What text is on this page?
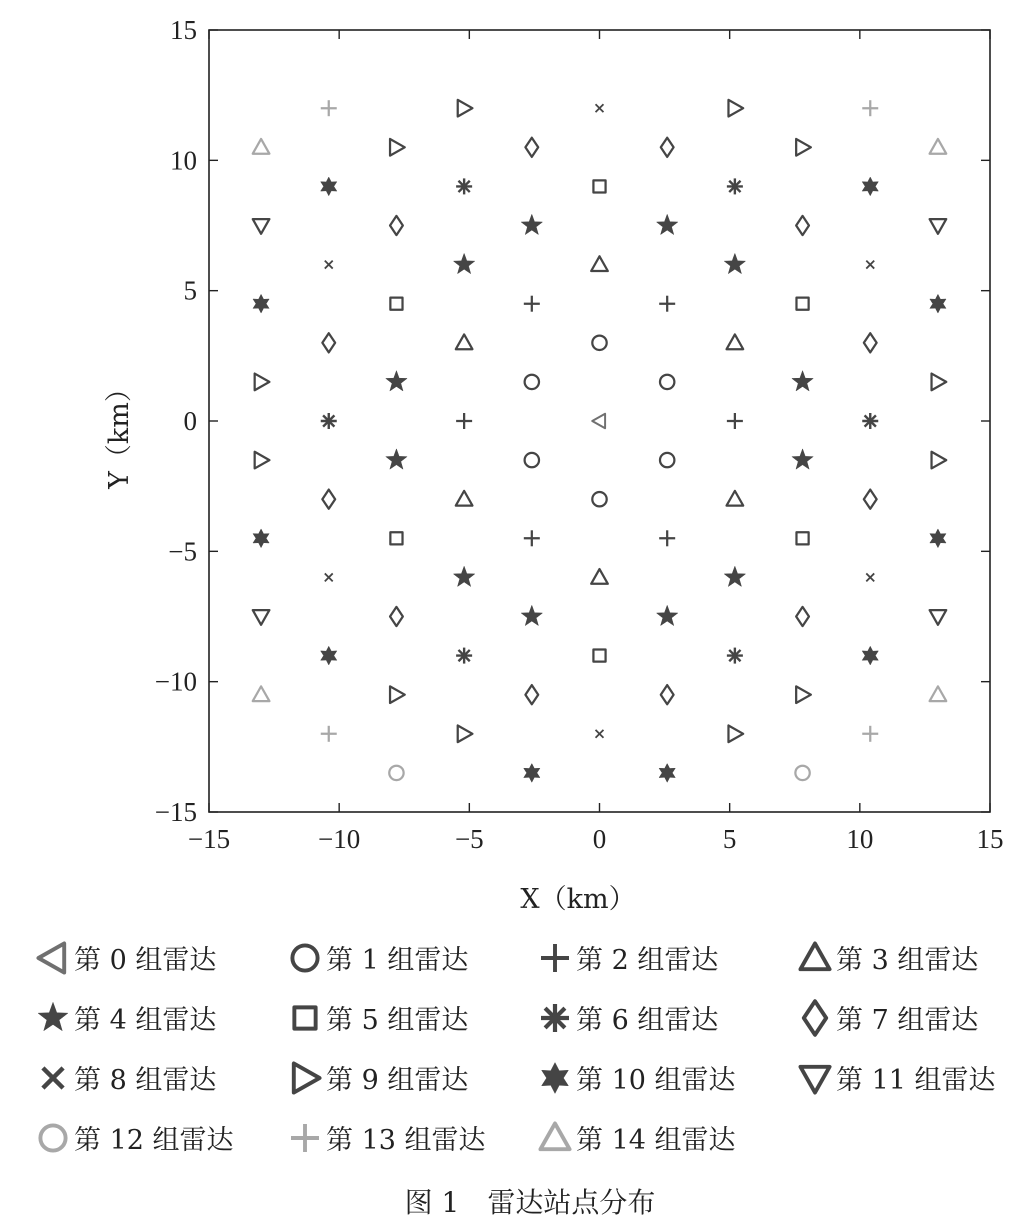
−15	−10	−5	0	5	10	15
−15
−10
−5
0
5
10
15
X（km）
Y（km）
第 0 组雷达	第 1 组雷达	第 2 组雷达	第 3 组雷达
第 4 组雷达	第 5 组雷达	第 6 组雷达	第 7 组雷达
第 8 组雷达	第 9 组雷达	第 10 组雷达	第 11 组雷达
第 12 组雷达	第 13 组雷达	第 14 组雷达
图 1　雷达站点分布
